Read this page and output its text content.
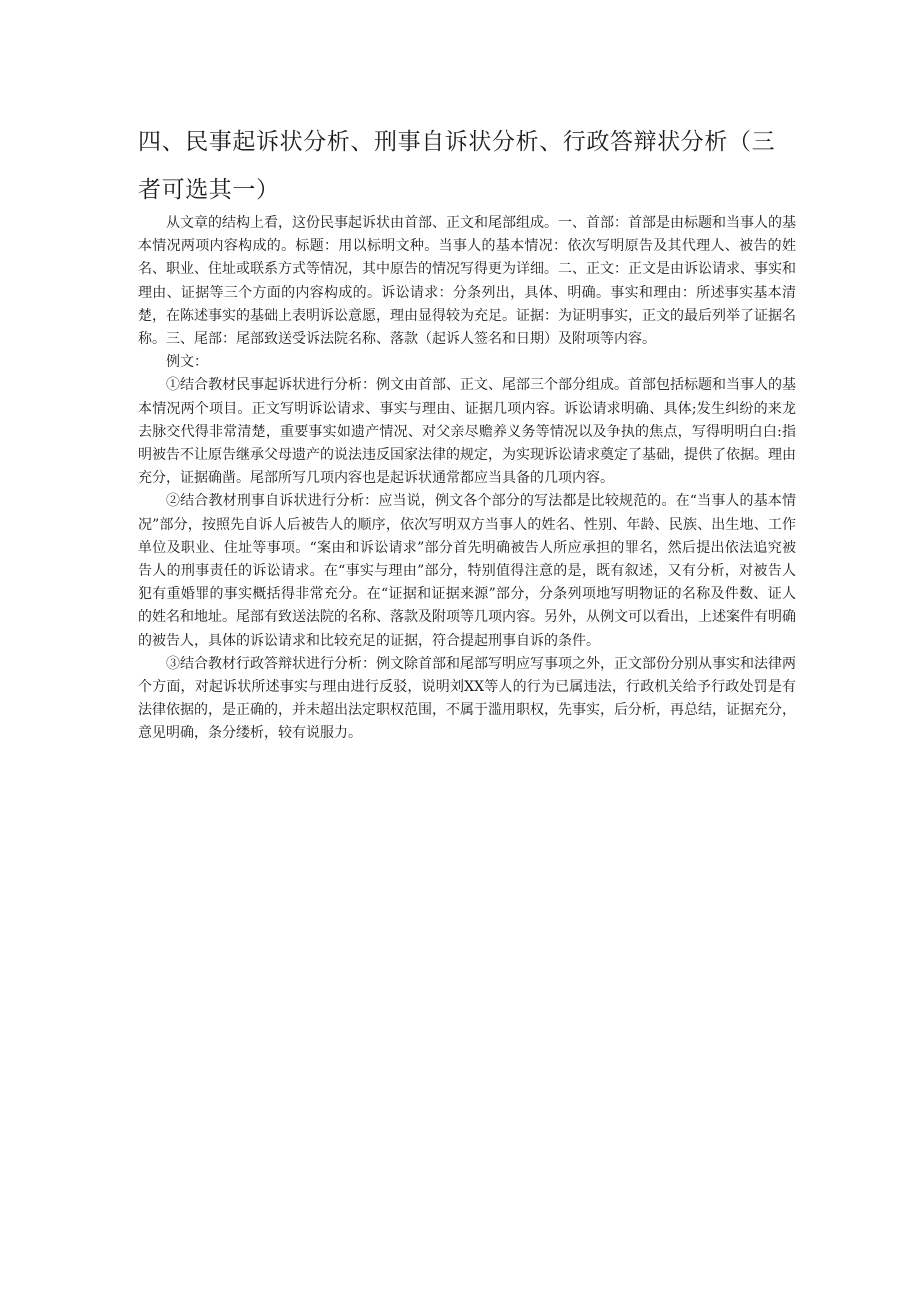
四、民事起诉状分析、刑事自诉状分析、行政答辩状分析（三者可选其一）

从文章的结构上看，这份民事起诉状由首部、正文和尾部组成。一、首部：首部是由标题和当事人的基本情况两项内容构成的。标题：用以标明文种。当事人的基本情况：依次写明原告及其代理人、被告的姓名、职业、住址或联系方式等情况，其中原告的情况写得更为详细。二、正文：正文是由诉讼请求、事实和理由、证据等三个方面的内容构成的。诉讼请求：分条列出，具体、明确。事实和理由：所述事实基本清楚，在陈述事实的基础上表明诉讼意愿，理由显得较为充足。证据：为证明事实，正文的最后列举了证据名称。三、尾部：尾部致送受诉法院名称、落款（起诉人签名和日期）及附项等内容。

例文：

①结合教材民事起诉状进行分析：例文由首部、正文、尾部三个部分组成。首部包括标题和当事人的基本情况两个项目。正文写明诉讼请求、事实与理由、证据几项内容。诉讼请求明确、具体;发生纠纷的来龙去脉交代得非常清楚，重要事实如遗产情况、对父亲尽赡养义务等情况以及争执的焦点，写得明明白白:指明被告不让原告继承父母遗产的说法违反国家法律的规定，为实现诉讼请求奠定了基础，提供了依据。理由充分，证据确凿。尾部所写几项内容也是起诉状通常都应当具备的几项内容。

②结合教材刑事自诉状进行分析：应当说，例文各个部分的写法都是比较规范的。在“当事人的基本情况”部分，按照先自诉人后被告人的顺序，依次写明双方当事人的姓名、性别、年龄、民族、出生地、工作单位及职业、住址等事项。“案由和诉讼请求”部分首先明确被告人所应承担的罪名，然后提出依法追究被告人的刑事责任的诉讼请求。在“事实与理由”部分，特别值得注意的是，既有叙述，又有分析，对被告人犯有重婚罪的事实概括得非常充分。在“证据和证据来源”部分，分条列项地写明物证的名称及件数、证人的姓名和地址。尾部有致送法院的名称、落款及附项等几项内容。另外，从例文可以看出，上述案件有明确的被告人，具体的诉讼请求和比较充足的证据，符合提起刑事自诉的条件。

③结合教材行政答辩状进行分析：例文除首部和尾部写明应写事项之外，正文部份分别从事实和法律两个方面，对起诉状所述事实与理由进行反驳，说明刘XX等人的行为已属违法，行政机关给予行政处罚是有法律依据的，是正确的，并未超出法定职权范围，不属于滥用职权，先事实，后分析，再总结，证据充分，意见明确，条分缕析，较有说服力。
